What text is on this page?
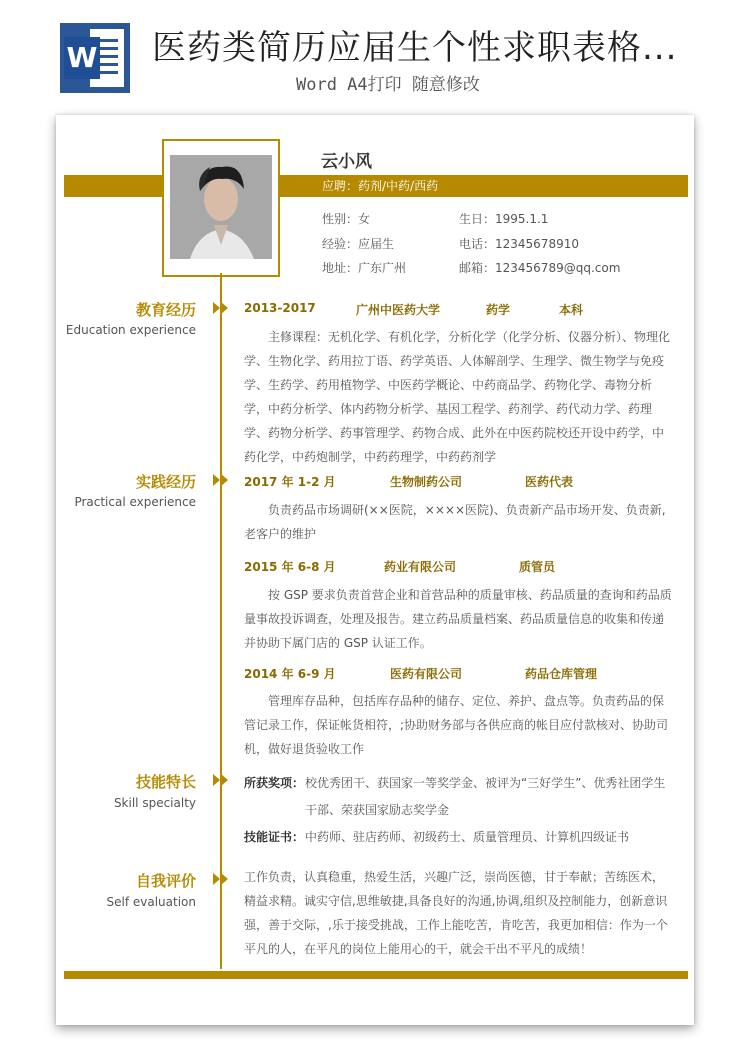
W 医药类简历应届生个性求职表格...
Word A4打印 随意修改
云小风
应聘：药剂/中药/西药
性别：女	生日：1995.1.1
经验：应届生	电话：12345678910
地址：广东广州	邮箱：123456789@qq.com
教育经历
Education experience
2013-2017	广州中医药大学	药学	本科
主修课程：无机化学、有机化学，分析化学（化学分析、仪器分析）、物理化学、生物化学、药用拉丁语、药学英语、人体解剖学、生理学、微生物学与免疫学、生药学、药用植物学、中医药学概论、中药商品学、药物化学、毒物分析学，中药分析学、体内药物分析学、基因工程学、药剂学、药代动力学、药理学、药物分析学、药事管理学、药物合成、此外在中医药院校还开设中药学，中药化学，中药炮制学，中药药理学，中药药剂学
实践经历
Practical experience
2017 年 1-2 月	生物制药公司	医药代表
负责药品市场调研(××医院，××××医院)、负责新产品市场开发、负责新,老客户的维护
2015 年 6-8 月	药业有限公司	质管员
按 GSP 要求负责首营企业和首营品种的质量审核、药品质量的查询和药品质量事故投诉调查，处理及报告。建立药品质量档案、药品质量信息的收集和传递并协助下属门店的 GSP 认证工作。
2014 年 6-9 月	医药有限公司	药品仓库管理
管理库存品种，包括库存品种的储存、定位、养护、盘点等。负责药品的保管记录工作，保证帐货相符，;协助财务部与各供应商的帐目应付款核对、协助司机，做好退货验收工作
技能特长
Skill specialty
所获奖项： 校优秀团干、获国家一等奖学金、被评为“三好学生”、优秀社团学生
干部、荣获国家励志奖学金
技能证书： 中药师、驻店药师、初级药士、质量管理员、计算机四级证书
自我评价
Self evaluation
工作负责，认真稳重，热爱生活，兴趣广泛，崇尚医德，甘于奉献；苦练医术，精益求精。诚实守信,思维敏捷,具备良好的沟通,协调,组织及控制能力，创新意识强，善于交际，,乐于接受挑战，工作上能吃苦，肯吃苦，我更加相信：作为一个平凡的人，在平凡的岗位上能用心的干，就会干出不平凡的成绩！
